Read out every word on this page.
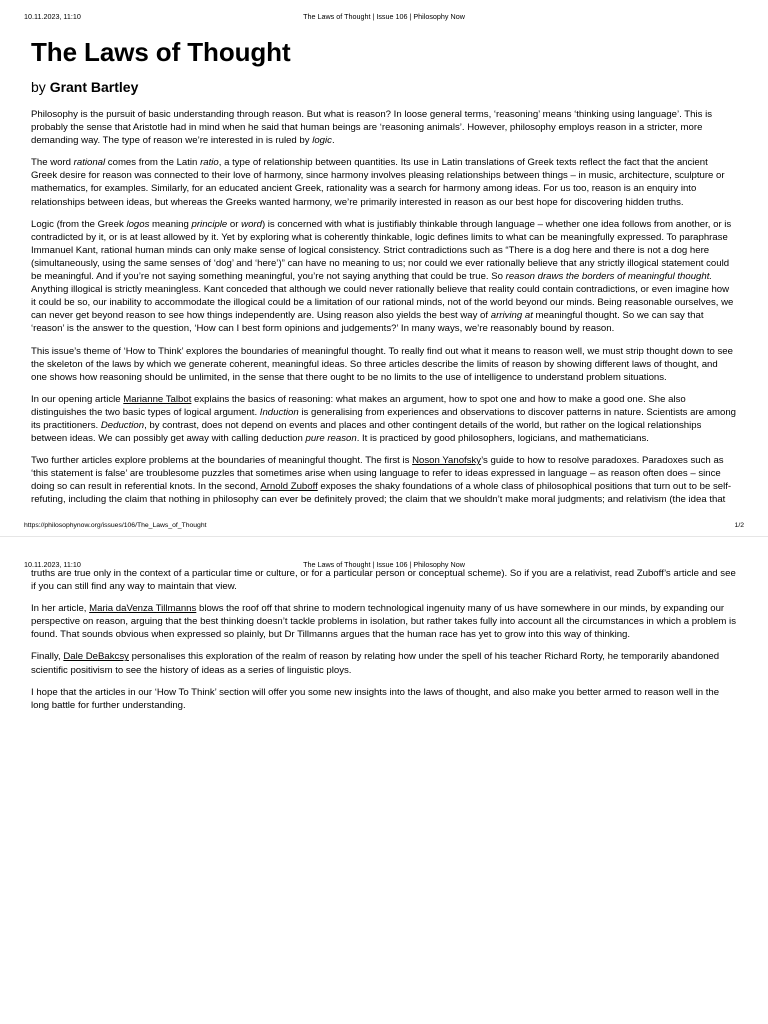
10.11.2023, 11:10	The Laws of Thought | Issue 106 | Philosophy Now
The Laws of Thought
by Grant Bartley

Philosophy is the pursuit of basic understanding through reason. But what is reason? In loose general terms, ‘reasoning’ means ‘thinking using language’. This is probably the sense that Aristotle had in mind when he said that human beings are ‘reasoning animals’. However, philosophy employs reason in a stricter, more demanding way. The type of reason we’re interested in is ruled by logic.

The word rational comes from the Latin ratio, a type of relationship between quantities. Its use in Latin translations of Greek texts reflect the fact that the ancient Greek desire for reason was connected to their love of harmony, since harmony involves pleasing relationships between things – in music, architecture, sculpture or mathematics, for examples. Similarly, for an educated ancient Greek, rationality was a search for harmony among ideas. For us too, reason is an enquiry into relationships between ideas, but whereas the Greeks wanted harmony, we’re primarily interested in reason as our best hope for discovering hidden truths.

Logic (from the Greek logos meaning principle or word) is concerned with what is justifiably thinkable through language – whether one idea follows from another, or is contradicted by it, or is at least allowed by it. Yet by exploring what is coherently thinkable, logic defines limits to what can be meaningfully expressed. To paraphrase Immanuel Kant, rational human minds can only make sense of logical consistency. Strict contradictions such as “There is a dog here and there is not a dog here (simultaneously, using the same senses of ‘dog’ and ‘here’)” can have no meaning to us; nor could we ever rationally believe that any strictly illogical statement could be meaningful. And if you’re not saying something meaningful, you’re not saying anything that could be true. So reason draws the borders of meaningful thought. Anything illogical is strictly meaningless. Kant conceded that although we could never rationally believe that reality could contain contradictions, or even imagine how it could be so, our inability to accommodate the illogical could be a limitation of our rational minds, not of the world beyond our minds. Being reasonable ourselves, we can never get beyond reason to see how things independently are. Using reason also yields the best way of arriving at meaningful thought. So we can say that ‘reason’ is the answer to the question, ‘How can I best form opinions and judgements?’ In many ways, we’re reasonably bound by reason.

This issue’s theme of ‘How to Think’ explores the boundaries of meaningful thought. To really find out what it means to reason well, we must strip thought down to see the skeleton of the laws by which we generate coherent, meaningful ideas. So three articles describe the limits of reason by showing different laws of thought, and one shows how reasoning should be unlimited, in the sense that there ought to be no limits to the use of intelligence to understand problem situations.

In our opening article Marianne Talbot explains the basics of reasoning: what makes an argument, how to spot one and how to make a good one. She also distinguishes the two basic types of logical argument. Induction is generalising from experiences and observations to discover patterns in nature. Scientists are among its practitioners. Deduction, by contrast, does not depend on events and places and other contingent details of the world, but rather on the logical relationships between ideas. We can possibly get away with calling deduction pure reason. It is practiced by good philosophers, logicians, and mathematicians.

Two further articles explore problems at the boundaries of meaningful thought. The first is Noson Yanofsky’s guide to how to resolve paradoxes. Paradoxes such as ‘this statement is false’ are troublesome puzzles that sometimes arise when using language to refer to ideas expressed in language – as reason often does – since doing so can result in referential knots. In the second, Arnold Zuboff exposes the shaky foundations of a whole class of philosophical positions that turn out to be self-refuting, including the claim that nothing in philosophy can ever be definitely proved; the claim that we shouldn’t make moral judgments; and relativism (the idea that

https://philosophynow.org/issues/106/The_Laws_of_Thought	1/2
10.11.2023, 11:10	The Laws of Thought | Issue 106 | Philosophy Now

truths are true only in the context of a particular time or culture, or for a particular person or conceptual scheme). So if you are a relativist, read Zuboff’s article and see if you can still find any way to maintain that view.

In her article, Maria daVenza Tillmanns blows the roof off that shrine to modern technological ingenuity many of us have somewhere in our minds, by expanding our perspective on reason, arguing that the best thinking doesn’t tackle problems in isolation, but rather takes fully into account all the circumstances in which a problem is found. That sounds obvious when expressed so plainly, but Dr Tillmanns argues that the human race has yet to grow into this way of thinking.

Finally, Dale DeBakcsy personalises this exploration of the realm of reason by relating how under the spell of his teacher Richard Rorty, he temporarily abandoned scientific positivism to see the history of ideas as a series of linguistic ploys.

I hope that the articles in our ‘How To Think’ section will offer you some new insights into the laws of thought, and also make you better armed to reason well in the long battle for further understanding.
